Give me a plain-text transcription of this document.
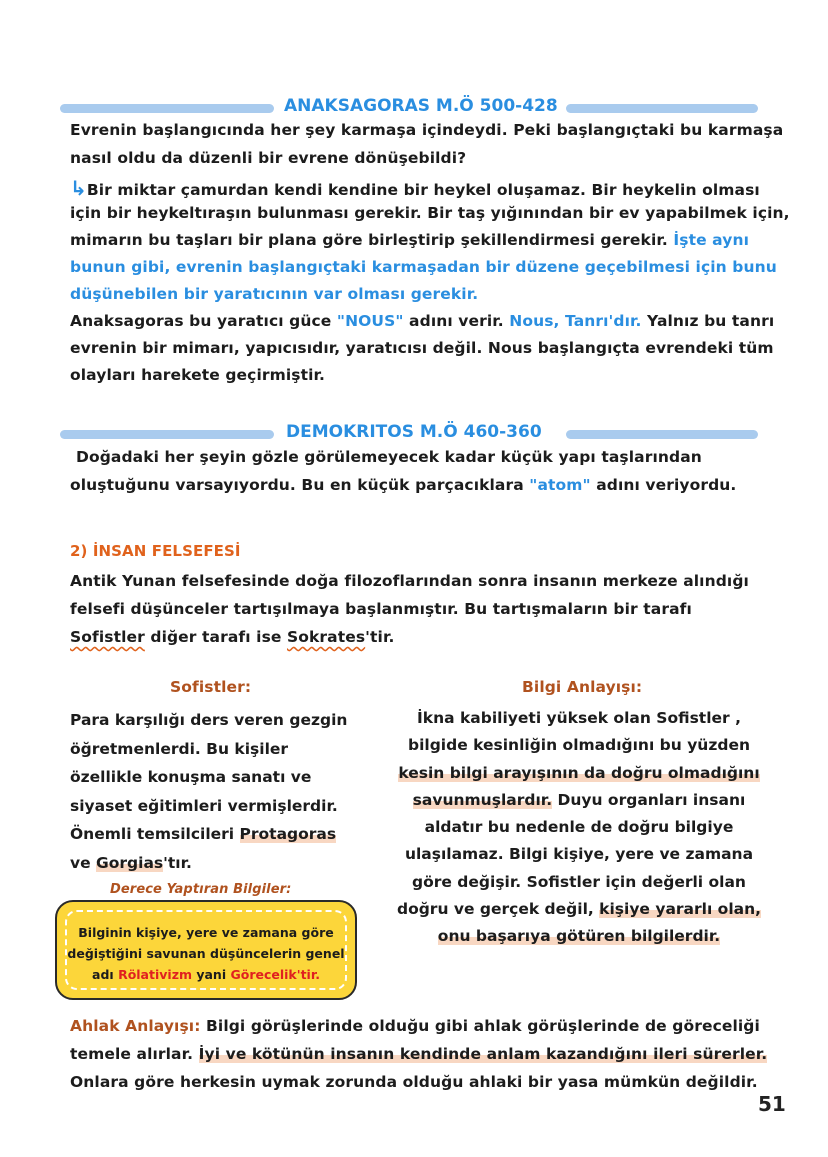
ANAKSAGORAS M.Ö 500-428
Evrenin başlangıcında her şey karmaşa içindeydi. Peki başlangıçtaki bu karmaşa
nasıl oldu da düzenli bir evrene dönüşebildi?
↳Bir miktar çamurdan kendi kendine bir heykel oluşamaz. Bir heykelin olması
için bir heykeltıraşın bulunması gerekir. Bir taş yığınından bir ev yapabilmek için,
mimarın bu taşları bir plana göre birleştirip şekillendirmesi gerekir. İşte aynı
bunun gibi, evrenin başlangıçtaki karmaşadan bir düzene geçebilmesi için bunu
düşünebilen bir yaratıcının var olması gerekir.
Anaksagoras bu yaratıcı güce "NOUS" adını verir. Nous, Tanrı'dır. Yalnız bu tanrı
evrenin bir mimarı, yapıcısıdır, yaratıcısı değil. Nous başlangıçta evrendeki tüm
olayları harekete geçirmiştir.
DEMOKRITOS M.Ö 460-360
Doğadaki her şeyin gözle görülemeyecek kadar küçük yapı taşlarından
oluştuğunu varsayıyordu. Bu en küçük parçacıklara "atom" adını veriyordu.
2) İNSAN FELSEFESİ
Antik Yunan felsefesinde doğa filozoflarından sonra insanın merkeze alındığı
felsefi düşünceler tartışılmaya başlanmıştır. Bu tartışmaların bir tarafı
Sofistler diğer tarafı ise Sokrates'tir.
Sofistler:
Para karşılığı ders veren gezgin
öğretmenlerdi. Bu kişiler
özellikle konuşma sanatı ve
siyaset eğitimleri vermişlerdir.
Önemli temsilcileri Protagoras
ve Gorgias'tır.
Derece Yaptıran Bilgiler:
Bilginin kişiye, yere ve zamana göre
değiştiğini savunan düşüncelerin genel
adı Rölativizm yani Görecelik'tir.
Bilgi Anlayışı:
İkna kabiliyeti yüksek olan Sofistler ,
bilgide kesinliğin olmadığını bu yüzden
kesin bilgi arayışının da doğru olmadığını
savunmuşlardır. Duyu organları insanı
aldatır bu nedenle de doğru bilgiye
ulaşılamaz. Bilgi kişiye, yere ve zamana
göre değişir. Sofistler için değerli olan
doğru ve gerçek değil, kişiye yararlı olan,
onu başarıya götüren bilgilerdir.
Ahlak Anlayışı: Bilgi görüşlerinde olduğu gibi ahlak görüşlerinde de göreceliği
temele alırlar. İyi ve kötünün insanın kendinde anlam kazandığını ileri sürerler.
Onlara göre herkesin uymak zorunda olduğu ahlaki bir yasa mümkün değildir.
51
